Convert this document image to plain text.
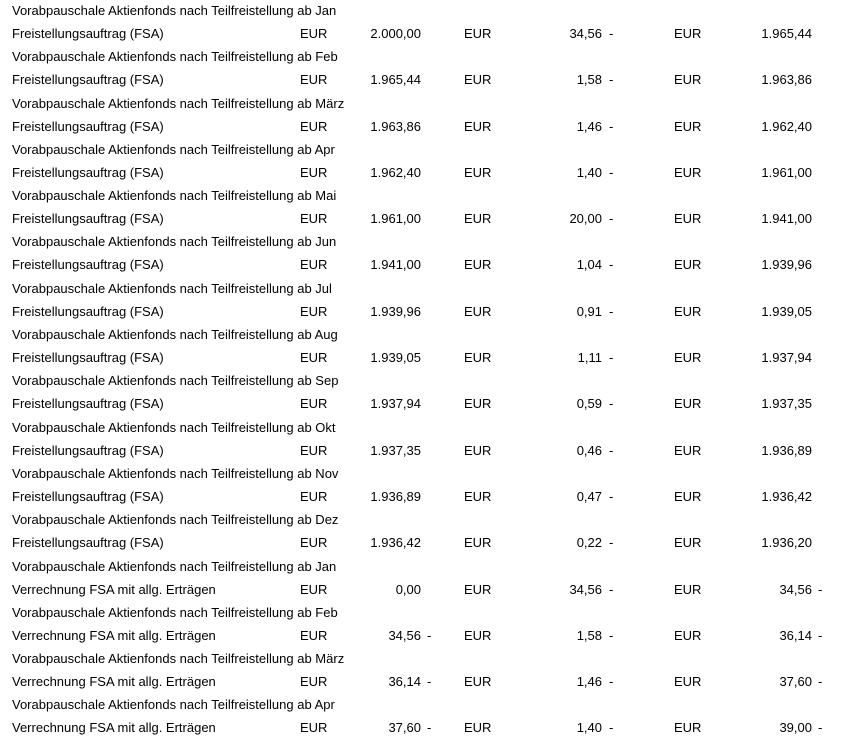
Vorabpauschale Aktienfonds nach Teilfreistellung ab Jan
Freistellungsauftrag (FSA)	EUR	2.000,00	EUR	34,56 -	EUR	1.965,44
Vorabpauschale Aktienfonds nach Teilfreistellung ab Feb
Freistellungsauftrag (FSA)	EUR	1.965,44	EUR	1,58 -	EUR	1.963,86
Vorabpauschale Aktienfonds nach Teilfreistellung ab März
Freistellungsauftrag (FSA)	EUR	1.963,86	EUR	1,46 -	EUR	1.962,40
Vorabpauschale Aktienfonds nach Teilfreistellung ab Apr
Freistellungsauftrag (FSA)	EUR	1.962,40	EUR	1,40 -	EUR	1.961,00
Vorabpauschale Aktienfonds nach Teilfreistellung ab Mai
Freistellungsauftrag (FSA)	EUR	1.961,00	EUR	20,00 -	EUR	1.941,00
Vorabpauschale Aktienfonds nach Teilfreistellung ab Jun
Freistellungsauftrag (FSA)	EUR	1.941,00	EUR	1,04 -	EUR	1.939,96
Vorabpauschale Aktienfonds nach Teilfreistellung ab Jul
Freistellungsauftrag (FSA)	EUR	1.939,96	EUR	0,91 -	EUR	1.939,05
Vorabpauschale Aktienfonds nach Teilfreistellung ab Aug
Freistellungsauftrag (FSA)	EUR	1.939,05	EUR	1,11 -	EUR	1.937,94
Vorabpauschale Aktienfonds nach Teilfreistellung ab Sep
Freistellungsauftrag (FSA)	EUR	1.937,94	EUR	0,59 -	EUR	1.937,35
Vorabpauschale Aktienfonds nach Teilfreistellung ab Okt
Freistellungsauftrag (FSA)	EUR	1.937,35	EUR	0,46 -	EUR	1.936,89
Vorabpauschale Aktienfonds nach Teilfreistellung ab Nov
Freistellungsauftrag (FSA)	EUR	1.936,89	EUR	0,47 -	EUR	1.936,42
Vorabpauschale Aktienfonds nach Teilfreistellung ab Dez
Freistellungsauftrag (FSA)	EUR	1.936,42	EUR	0,22 -	EUR	1.936,20
Vorabpauschale Aktienfonds nach Teilfreistellung ab Jan
Verrechnung FSA mit allg. Erträgen	EUR	0,00	EUR	34,56 -	EUR	34,56 -
Vorabpauschale Aktienfonds nach Teilfreistellung ab Feb
Verrechnung FSA mit allg. Erträgen	EUR	34,56 -	EUR	1,58 -	EUR	36,14 -
Vorabpauschale Aktienfonds nach Teilfreistellung ab März
Verrechnung FSA mit allg. Erträgen	EUR	36,14 -	EUR	1,46 -	EUR	37,60 -
Vorabpauschale Aktienfonds nach Teilfreistellung ab Apr
Verrechnung FSA mit allg. Erträgen	EUR	37,60 -	EUR	1,40 -	EUR	39,00 -
